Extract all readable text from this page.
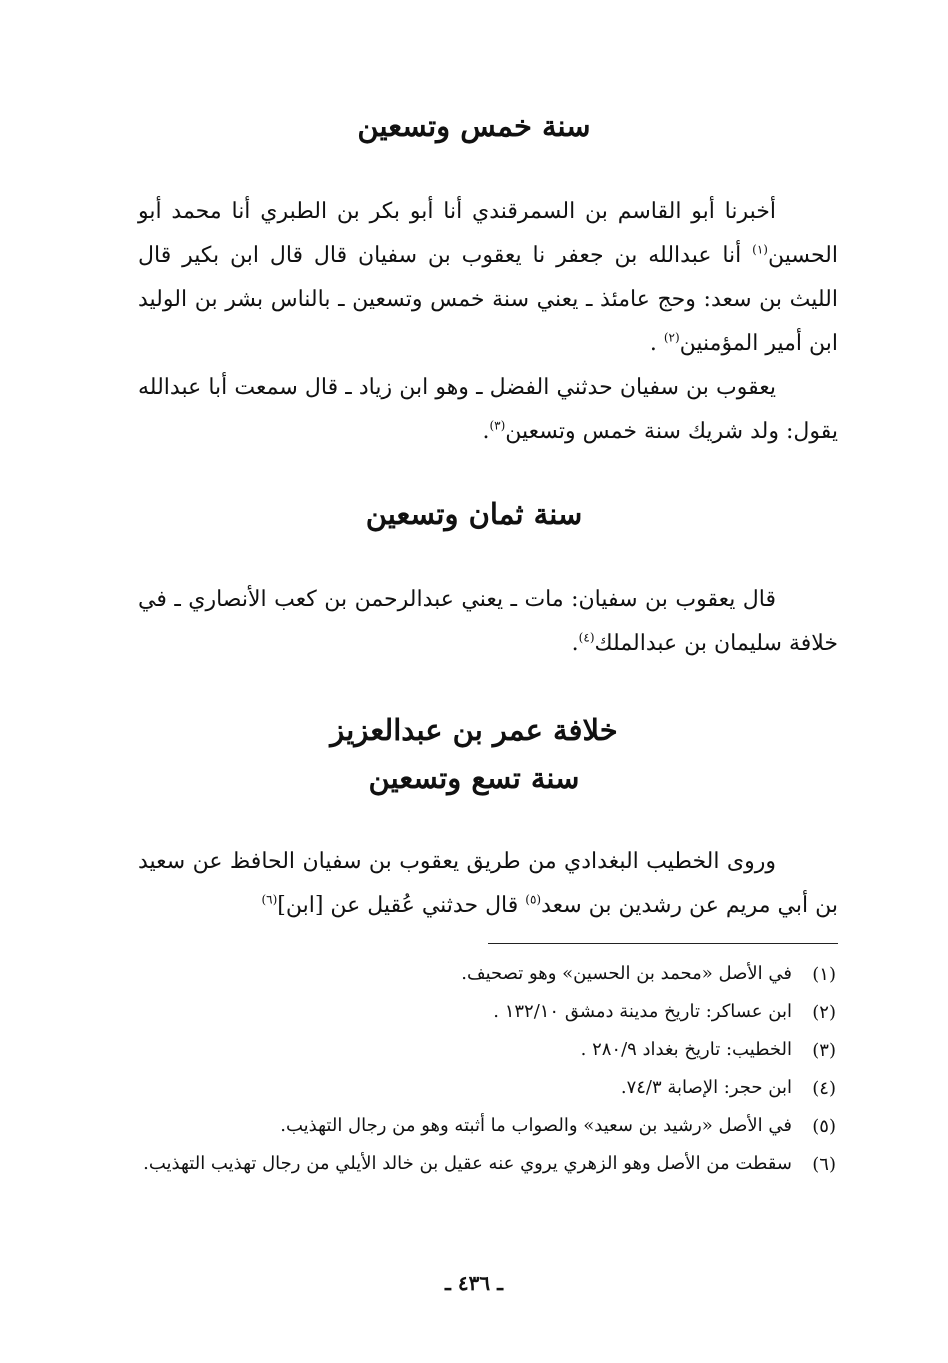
سنة خمس وتسعين

أخبرنا أبو القاسم بن السمرقندي أنا أبو بكر بن الطبري أنا محمد أبو الحسين$^{(١)}$ أنا عبدالله بن جعفر نا يعقوب بن سفيان قال قال ابن بكير قال الليث بن سعد: وحج عامئذ ـ يعني سنة خمس وتسعين ـ بالناس بشر بن الوليد ابن أمير المؤمنين$^{(٢)}$ .

يعقوب بن سفيان حدثني الفضل ـ وهو ابن زياد ـ قال سمعت أبا عبدالله يقول: ولد شريك سنة خمس وتسعين$^{(٣)}$.

سنة ثمان وتسعين

قال يعقوب بن سفيان: مات ـ يعني عبدالرحمن بن كعب الأنصاري ـ في خلافة سليمان بن عبدالملك$^{(٤)}$.

خلافة عمر بن عبدالعزيز
سنة تسع وتسعين

وروى الخطيب البغدادي من طريق يعقوب بن سفيان الحافظ عن سعيد بن أبي مريم عن رشدين بن سعد$^{(٥)}$ قال حدثني عُقيل عن [ابن]$^{(٦)}$

(١)
في الأصل «محمد بن الحسين» وهو تصحيف.
(٢)
ابن عساكر: تاريخ مدينة دمشق ١٣٢/١٠ .
(٣)
الخطيب: تاريخ بغداد ٢٨٠/٩ .
(٤)
ابن حجر: الإصابة ٧٤/٣.
(٥)
في الأصل «رشيد بن سعيد» والصواب ما أثبته وهو من رجال التهذيب.
(٦)
سقطت من الأصل وهو الزهري يروي عنه عقيل بن خالد الأيلي من رجال تهذيب التهذيب.
ـ ٤٣٦ ـ
